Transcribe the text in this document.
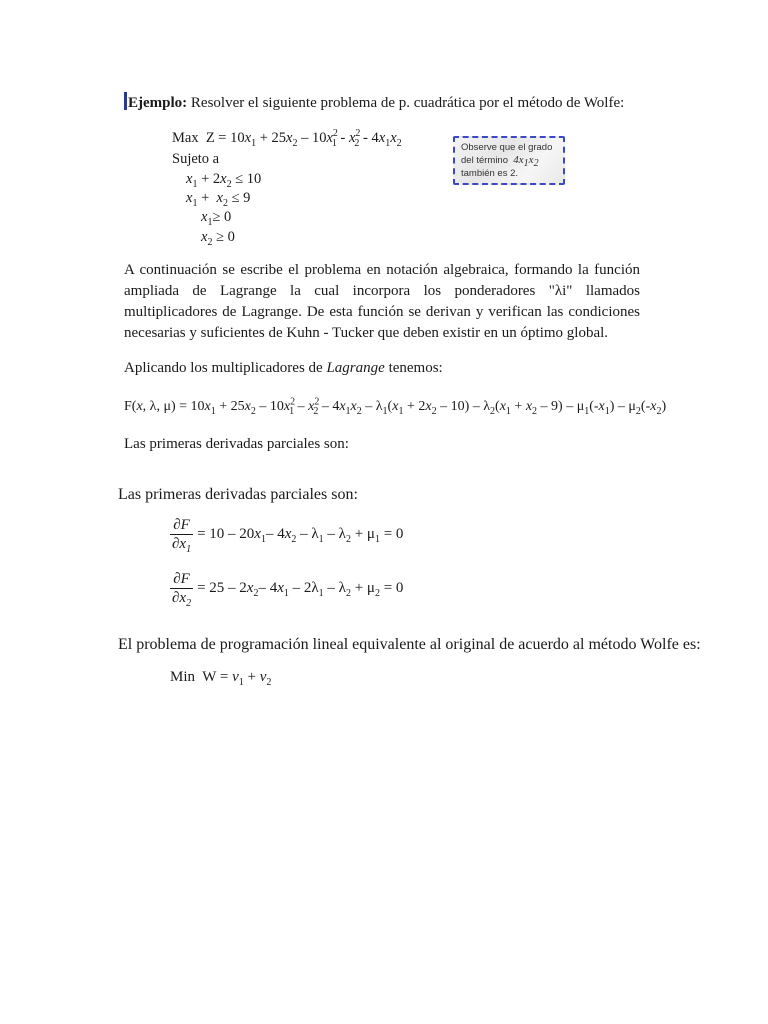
Ejemplo: Resolver el siguiente problema de p. cuadrática por el método de Wolfe:
Max  $Z = 10x_1 + 25x_2 - 10x^2_1 - x^2_2 - 4x_1x_2$
Sujeto a
$x_1 + 2x_2 \le 10$
$x_1 + x_2 \le 9$
$x_1\ge 0$
$x_2 \ge 0$
Observe que el grado
del término $4x_1x_2$
también es 2.
A continuación se escribe el problema en notación algebraica, formando la función ampliada de Lagrange la cual incorpora los ponderadores "λi" llamados multiplicadores de Lagrange. De esta función se derivan y verifican las condiciones necesarias y suficientes de Kuhn - Tucker que deben existir en un óptimo global.
Aplicando los multiplicadores de Lagrange tenemos:
F(x, λ, $\mu) = 10x_1 + 25x_2 - 10x^2_1 - x^2_2 - 4x_1x_2 - \lambda_1(x_1 + 2x_2 - 10) - \lambda_2(x_1 + x_2 - 9) - \mu_1(-x_1) - \mu_2(-x_2)$
Las primeras derivadas parciales son:
Las primeras derivadas parciales son:
$\frac{\partial F}{\partial x_1} = 10 - 20x_1-$ $4x_2 - \lambda_1 - \lambda_2 + \mu_1 = 0$
$\frac{\partial F}{\partial x_2} = 25 - 2x_2-$ $4x_1 - 2\lambda_1 - \lambda_2 + \mu_2 = 0$
El problema de programación lineal equivalente al original de acuerdo al método Wolfe es:
Min  $W = v_1 + v_2$
